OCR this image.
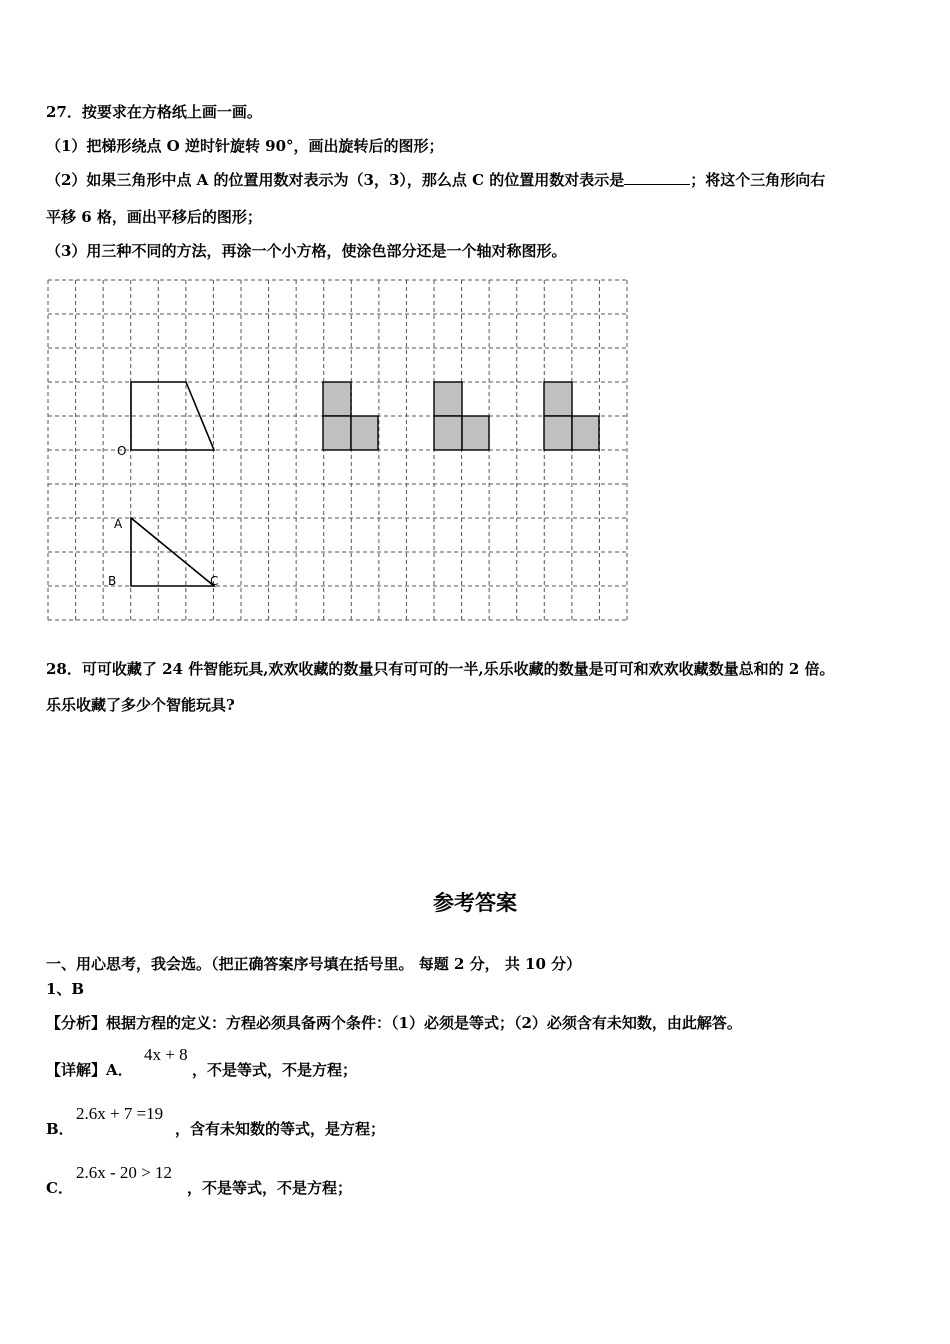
27．按要求在方格纸上画一画。
（1）把梯形绕点 O 逆时针旋转 90°，画出旋转后的图形；
（2）如果三角形中点 A 的位置用数对表示为（3，3），那么点 C 的位置用数对表示是	；将这个三角形向右
平移 6 格，画出平移后的图形；
（3）用三种不同的方法，再涂一个小方格，使涂色部分还是一个轴对称图形。
O
A
B	C
28．可可收藏了 24 件智能玩具,欢欢收藏的数量只有可可的一半,乐乐收藏的数量是可可和欢欢收藏数量总和的 2 倍。
乐乐收藏了多少个智能玩具?
参考答案
一、用心思考，我会选。（把正确答案序号填在括号里。 每题 2 分， 共 10 分）
1、B
【分析】根据方程的定义：方程必须具备两个条件：（1）必须是等式；（2）必须含有未知数，由此解答。
【详解】A．
4x + 8
，不是等式，不是方程；
B．
2.6x + 7 =19
，含有未知数的等式，是方程；
C．
2.6x - 20 > 12
，不是等式，不是方程；
